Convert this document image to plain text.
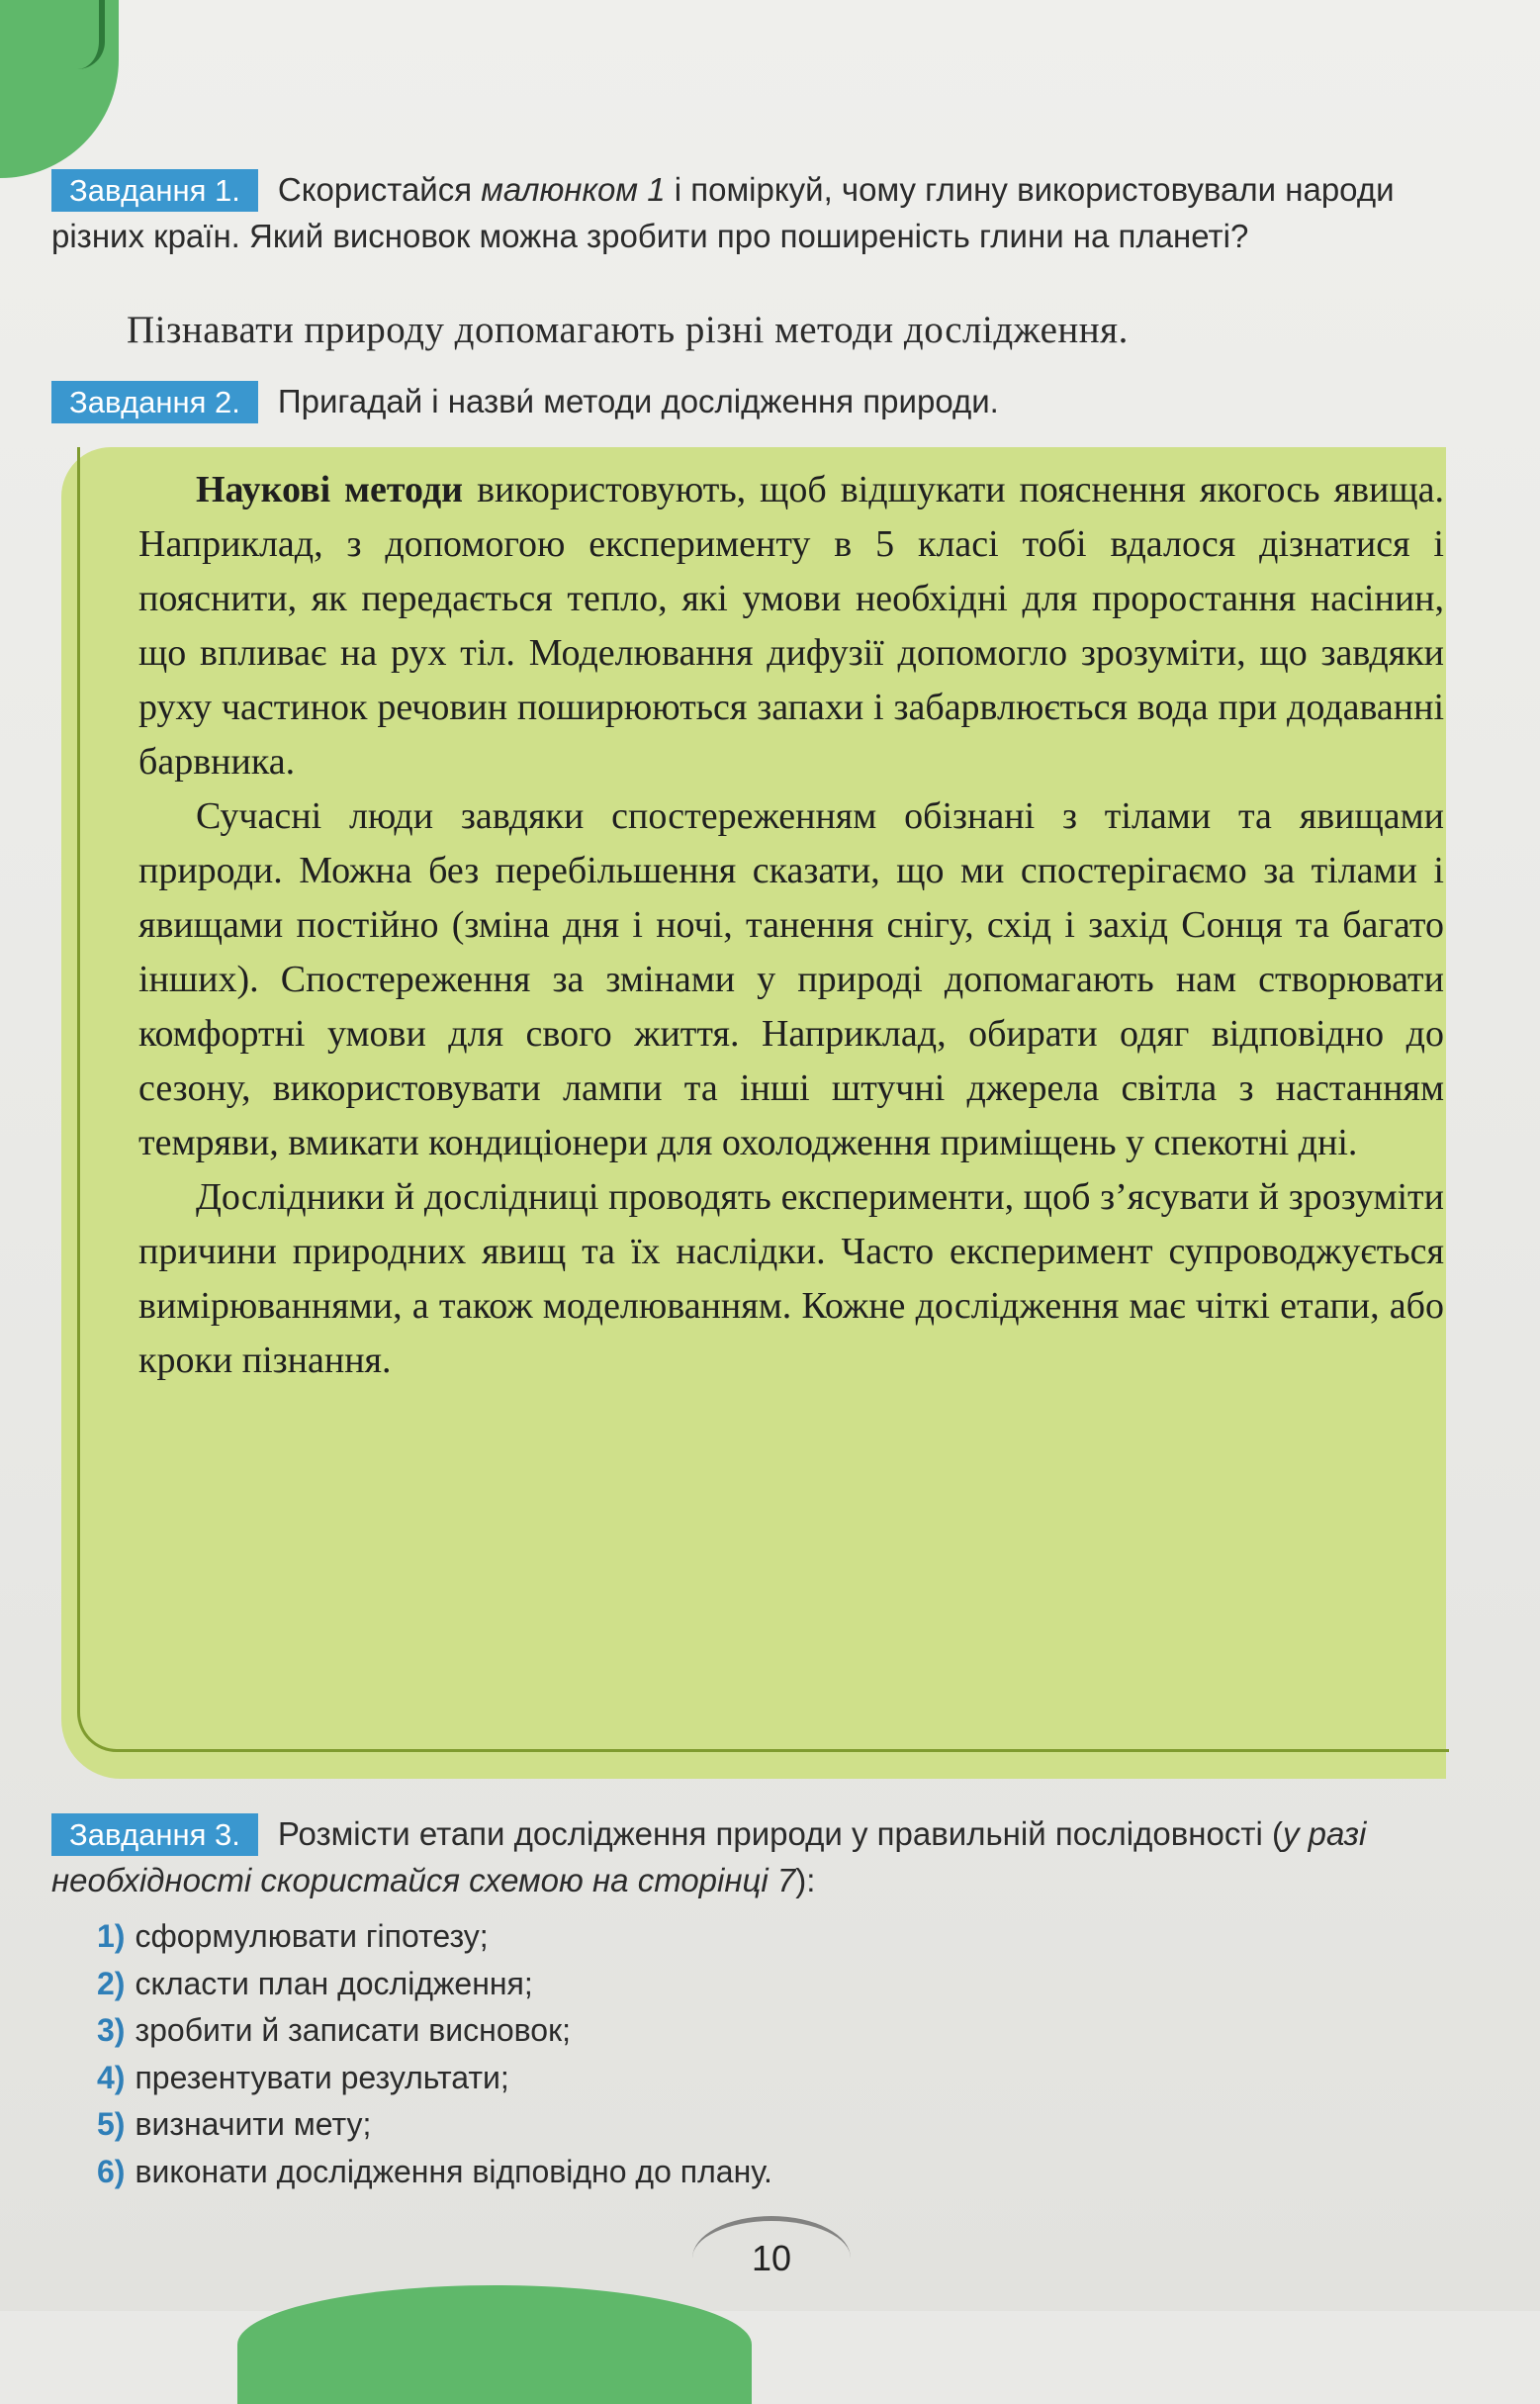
Завдання 1. Скористайся малюнком 1 і поміркуй, чому глину використовували народи різних країн. Який висновок можна зробити про поширеність глини на планеті?
Пізнавати природу допомагають різні методи дослідження.
Завдання 2. Пригадай і назви́ методи дослідження природи.

Наукові методи використовують, щоб відшукати пояснення якогось явища. Наприклад, з допомогою експерименту в 5 класі тобі вдалося дізнатися і пояснити, як передається тепло, які умови необхідні для проростання насінин, що впливає на рух тіл. Моделювання дифузії допомогло зрозуміти, що завдяки руху частинок речовин поширюються запахи і забарвлюється вода при додаванні барвника.

Сучасні люди завдяки спостереженням обізнані з тілами та явищами природи. Можна без перебільшення сказати, що ми спостерігаємо за тілами і явищами постійно (зміна дня і ночі, танення снігу, схід і захід Сонця та багато інших). Спостереження за змінами у природі допомагають нам створювати комфортні умови для свого життя. Наприклад, обирати одяг відповідно до сезону, використовувати лампи та інші штучні джерела світла з настанням темряви, вмикати кондиціонери для охолодження приміщень у спекотні дні.

Дослідники й дослідниці проводять експерименти, щоб з’ясувати й зрозуміти причини природних явищ та їх наслідки. Часто експеримент супроводжується вимірюваннями, а також моделюванням. Кожне дослідження має чіткі етапи, або кроки пізнання.

Завдання 3. Розмісти етапи дослідження природи у правильній послідовності (у разі необхідності скористайся схемою на сторінці 7):
1) сформулювати гіпотезу;
2) скласти план дослідження;
3) зробити й записати висновок;
4) презентувати результати;
5) визначити мету;
6) виконати дослідження відповідно до плану.
10
